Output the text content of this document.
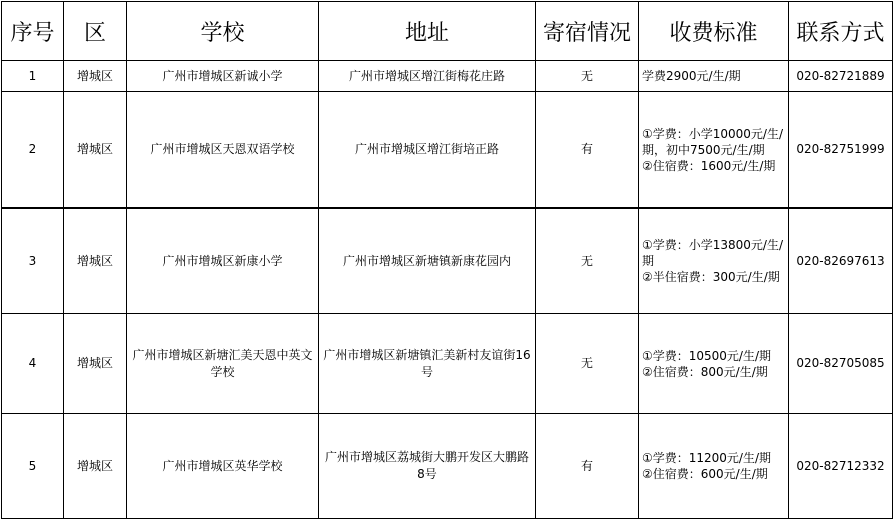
序号	区	学校	地址	寄宿情况	收费标准	联系方式
1	增城区	广州市增城区新诚小学	广州市增城区增江街梅花庄路	无	学费2900元/生/期	020-82721889
2	增城区	广州市增城区天恩双语学校	广州市增城区增江街培正路	有	①学费：小学10000元/生/期，初中7500元/生/期
②住宿费：1600元/生/期	020-82751999
3	增城区	广州市增城区新康小学	广州市增城区新塘镇新康花园内	无	①学费：小学13800元/生/期
②半住宿费：300元/生/期	020-82697613
4	增城区	广州市增城区新塘汇美天恩中英文学校	广州市增城区新塘镇汇美新村友谊街16号	无	①学费：10500元/生/期
②住宿费：800元/生/期	020-82705085
5	增城区	广州市增城区英华学校	广州市增城区荔城街大鹏开发区大鹏路8号	有	①学费：11200元/生/期
②住宿费：600元/生/期	020-82712332
